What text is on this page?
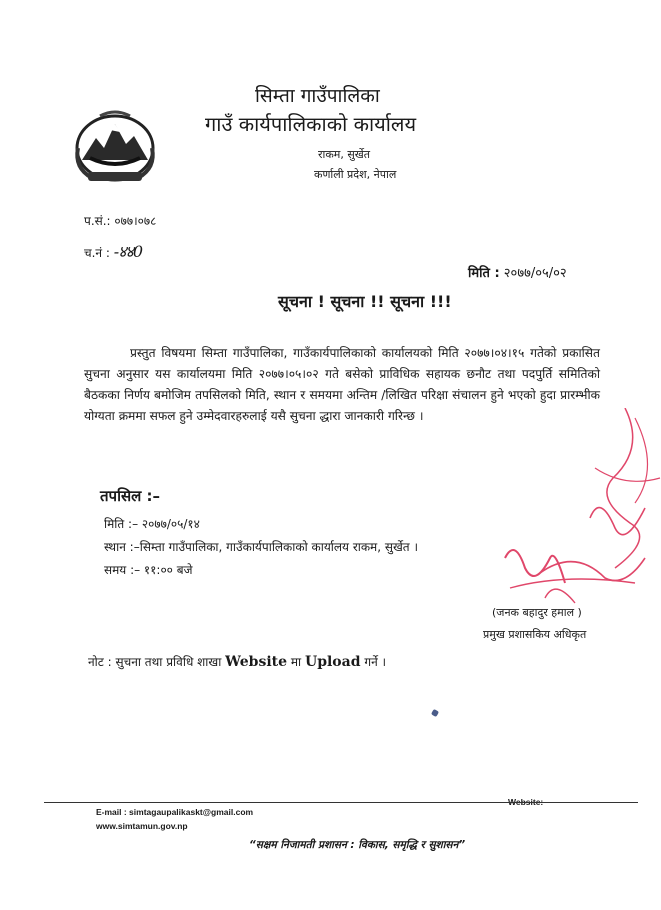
सिम्ता गाउँपालिका
गाउँ कार्यपालिकाको कार्यालय
राकम, सुर्खेत
कर्णाली प्रदेश, नेपाल
प.सं.: ०७७।०७८
च.नं : -४४0
मिति : २०७७/०५/०२
सूचना ! सूचना !! सूचना !!!
प्रस्तुत विषयमा सिम्ता गाउँपालिका, गाउँकार्यपालिकाको कार्यालयको मिति २०७७।०४।१५ गतेको प्रकासित सुचना अनुसार यस कार्यालयमा मिति २०७७।०५।०२ गते बसेको प्राविधिक सहायक छनौट तथा पदपुर्ति समितिको बैठकका निर्णय बमोजिम तपसिलको मिति, स्थान र समयमा अन्तिम /लिखित परिक्षा संचालन हुने भएको हुदा प्रारम्भीक योग्यता क्रममा सफल हुने उम्मेदवारहरुलाई यसै सुचना द्धारा जानकारी गरिन्छ ।
तपसिल :–
मिति :– २०७७/०५/१४
स्थान :–सिम्ता गाउँपालिका, गाउँकार्यपालिकाको कार्यालय राकम, सुर्खेत ।
समय :– ११:०० बजे
(जनक बहादुर हमाल )
प्रमुख प्रशासकिय अधिकृत
नोट : सुचना तथा प्रविधि शाखा Website मा Upload गर्ने ।
Website:
E-mail : simtagaupalikaskt@gmail.com
www.simtamun.gov.np
“सक्षम निजामती प्रशासन : विकास, समृद्धि र सुशासन”
